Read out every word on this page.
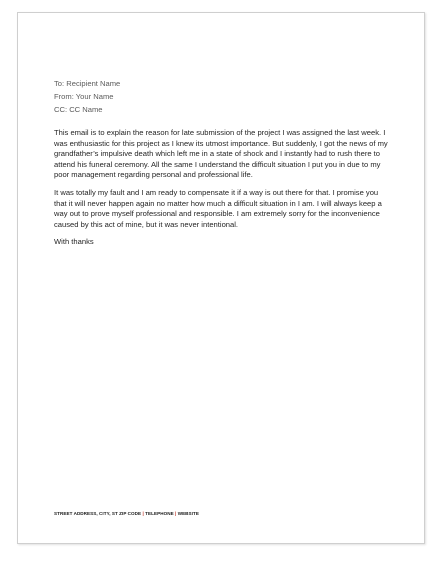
To: Recipient Name
From: Your Name
CC: CC Name

This email is to explain the reason for late submission of the project I was assigned the last week. I was enthusiastic for this project as I knew its utmost importance. But suddenly, I got the news of my grandfather’s impulsive death which left me in a state of shock and I instantly had to rush there to attend his funeral ceremony. All the same I understand the difficult situation I put you in due to my poor management regarding personal and professional life.

It was totally my fault and I am ready to compensate it if a way is out there for that. I promise you that it will never happen again no matter how much a difficult situation in I am. I will always keep a way out to prove myself professional and responsible. I am extremely sorry for the inconvenience caused by this act of mine, but it was never intentional.

With thanks

STREET ADDRESS, CITY, ST ZIP CODE | TELEPHONE | WEBSITE
